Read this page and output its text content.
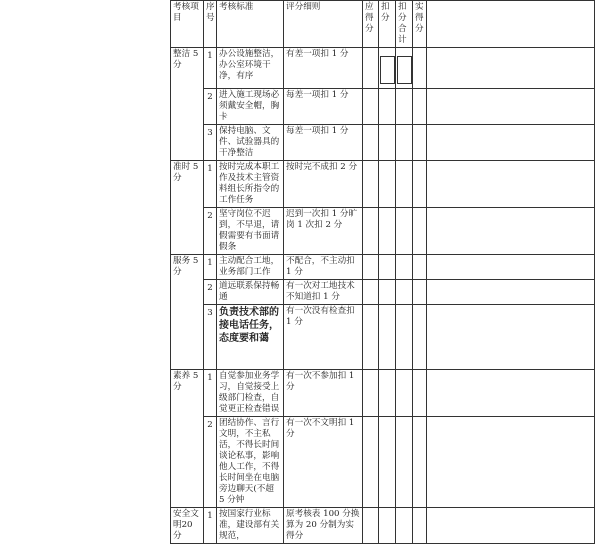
考核项目	序号	考核标准	评分细则	应得分	扣分	扣分合计	实得分	
整洁 5 分	1	办公设施整洁，办公室环境干净，有序	有差一项扣 1 分					
	2	进入施工现场必须戴安全帽，胸卡	每差一项扣 1 分					
	3	保持电脑、文件、试验器具的干净整洁	每差一项扣 1 分					
准时 5 分	1	按时完成本职工作及技术主管资料组长所指令的工作任务	按时完不成扣 2 分					
	2	坚守岗位不迟到，不早退，请假需要有书面请假条	迟到一次扣 1 分旷岗 1 次扣 2 分					
服务 5 分	1	主动配合工地，业务部门工作	不配合，不主动扣 1 分					
	2	道远联系保持畅通	有一次对工地技术不知道扣 1 分					
	3	负责技术部的接电话任务，态度要和蔼	有一次没有检查扣 1 分					
素养 5 分	1	自觉参加业务学习，自觉接受上级部门检查，自觉更正检查错误	有一次不参加扣 1 分					
	2	团结协作、言行文明，不主私活，不得长时间谈论私事，影响他人工作，不得长时间坐在电脑旁边聊天(不超 5 分钟	有一次不文明扣 1 分					
安全文明20分	1	按国家行业标准，建设部有关规范，	原考核表 100 分换算为 20 分制为实得分					
